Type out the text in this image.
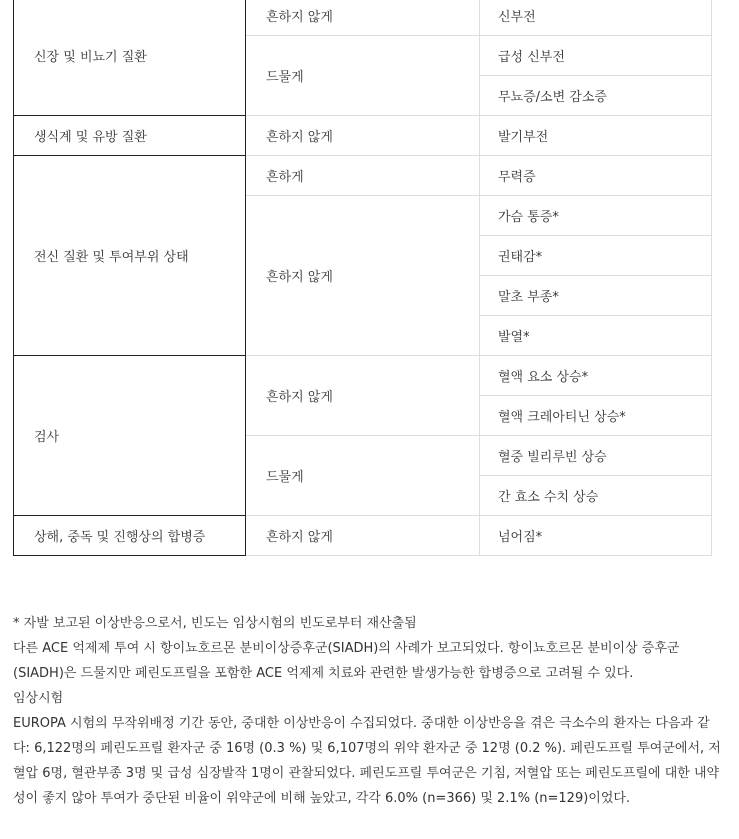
신부전
흔하지 않게
급성 신부전
무뇨증/소변 감소증
드물게
신장 및 비뇨기 질환
발기부전
흔하지 않게
생식계 및 유방 질환
무력증
흔하게
가슴 통증*
권태감*
말초 부종*
발열*
흔하지 않게
전신 질환 및 투여부위 상태
혈액 요소 상승*
혈액 크레아티닌 상승*
흔하지 않게
혈중 빌리루빈 상승
간 효소 수치 상승
드물게
검사
넘어짐*
흔하지 않게
상해, 중독 및 진행상의 합병증

* 자발 보고된 이상반응으로서, 빈도는 임상시험의 빈도로부터 재산출됨

다른 ACE 억제제 투여 시 항이뇨호르몬 분비이상증후군(SIADH)의 사례가 보고되었다. 항이뇨호르몬 분비이상 증후군(SIADH)은 드물지만 페린도프릴을 포함한 ACE 억제제 치료와 관련한 발생가능한 합병증으로 고려될 수 있다.

임상시험

EUROPA 시험의 무작위배정 기간 동안, 중대한 이상반응이 수집되었다. 중대한 이상반응을 겪은 극소수의 환자는 다음과 같다: 6,122명의 페린도프릴 환자군 중 16명 (0.3 %) 및 6,107명의 위약 환자군 중 12명 (0.2 %). 페린도프릴 투여군에서, 저혈압 6명, 혈관부종 3명 및 급성 심장발작 1명이 관찰되었다. 페린도프릴 투여군은 기침, 저혈압 또는 페린도프릴에 대한 내약성이 좋지 않아 투여가 중단된 비율이 위약군에 비해 높았고, 각각 6.0% (n=366) 및 2.1% (n=129)이었다.
